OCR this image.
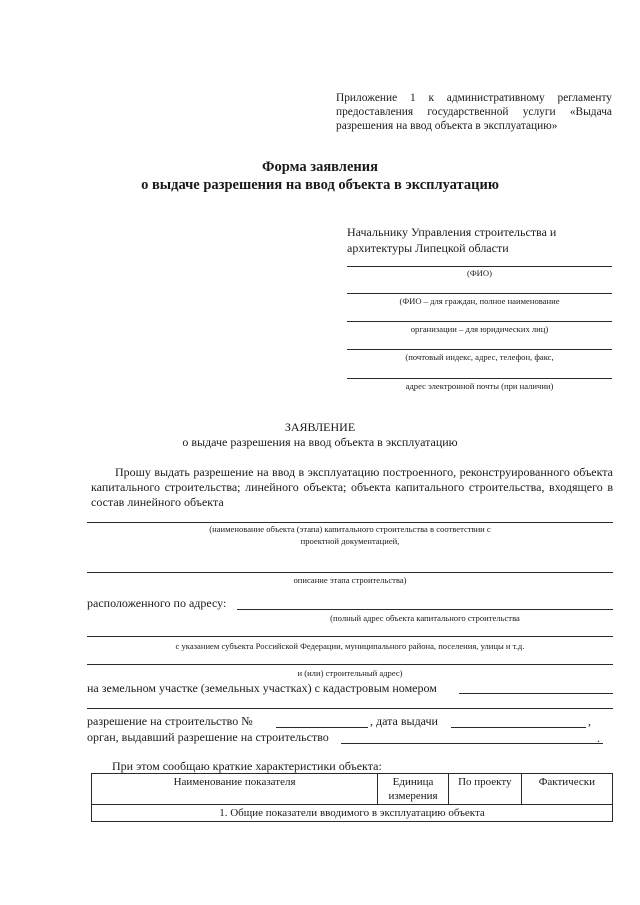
Приложение 1 к административному регламенту предоставления государственной услуги «Выдача разрешения на ввод объекта в эксплуатацию»
Форма заявления
о выдаче разрешения на ввод объекта в эксплуатацию
Начальнику Управления строительства и
архитектуры Липецкой области
(ФИО)
(ФИО – для граждан, полное наименование
организации – для юридических лиц)
(почтовый индекс, адрес, телефон, факс,
адрес электронной почты (при наличии)
ЗАЯВЛЕНИЕ
о выдаче разрешения на ввод объекта в эксплуатацию
Прошу выдать разрешение на ввод в эксплуатацию построенного, реконструированного объекта капитального строительства; линейного объекта; объекта капитального строительства, входящего в состав линейного объекта
(наименование объекта (этапа) капитального строительства в соответствии с
проектной документацией,
описание этапа строительства)
расположенного по адресу:
(полный адрес объекта капитального строительства
с указанием субъекта Российской Федерации, муниципального района, поселения, улицы и т.д.
и (или) строительный адрес)
на земельном участке (земельных участках) с кадастровым номером
разрешение на строительство №	, дата выдачи	,
орган, выдавший разрешение на строительство	.
При этом сообщаю краткие характеристики объекта:
Наименование показателя	Единица измерения	По проекту	Фактически
1. Общие показатели вводимого в эксплуатацию объекта
